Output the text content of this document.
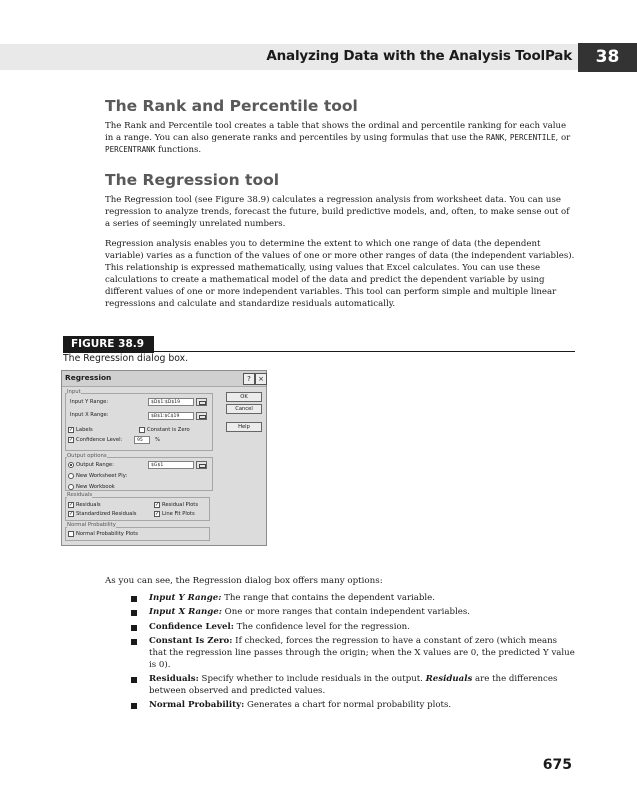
Analyzing Data with the Analysis ToolPak	38
The Rank and Percentile tool

The Rank and Percentile tool creates a table that shows the ordinal and percentile ranking for each value in a range. You can also generate ranks and percentiles by using formulas that use the RANK, PERCENTILE, or PERCENTRANK functions.

The Regression tool

The Regression tool (see Figure 38.9) calculates a regression analysis from worksheet data. You can use regression to analyze trends, forecast the future, build predictive models, and, often, to make sense out of a series of seemingly unrelated numbers.

Regression analysis enables you to determine the extent to which one range of data (the dependent variable) varies as a function of the values of one or more other ranges of data (the independent variables). This relationship is expressed mathematically, using values that Excel calculates. You can use these calculations to create a mathematical model of the data and predict the dependent variable by using different values of one or more independent variables. This tool can perform simple and multiple linear regressions and calculate and standardize residuals automatically.

FIGURE 38.9
The Regression dialog box.
Regression	?	×
Input
Input Y Range:	$D$1:$D$19
Input X Range:	$B$1:$C$19
✓ Labels	Constant is Zero
✓ Confidence Level:	95	%
OK
Cancel
Help
Output options
Output Range:	$G$1
New Worksheet Ply:
New Workbook
Residuals
✓ Residuals
✓ Standardized Residuals
✓ Residual Plots
✓ Line Fit Plots
Normal Probability
Normal Probability Plots
As you can see, the Regression dialog box offers many options:
Input Y Range: The range that contains the dependent variable.
Input X Range: One or more ranges that contain independent variables.
Confidence Level: The confidence level for the regression.
Constant Is Zero: If checked, forces the regression to have a constant of zero (which means that the regression line passes through the origin; when the X values are 0, the predicted Y value is 0).
Residuals: Specify whether to include residuals in the output. Residuals are the differences between observed and predicted values.
Normal Probability: Generates a chart for normal probability plots.
675
